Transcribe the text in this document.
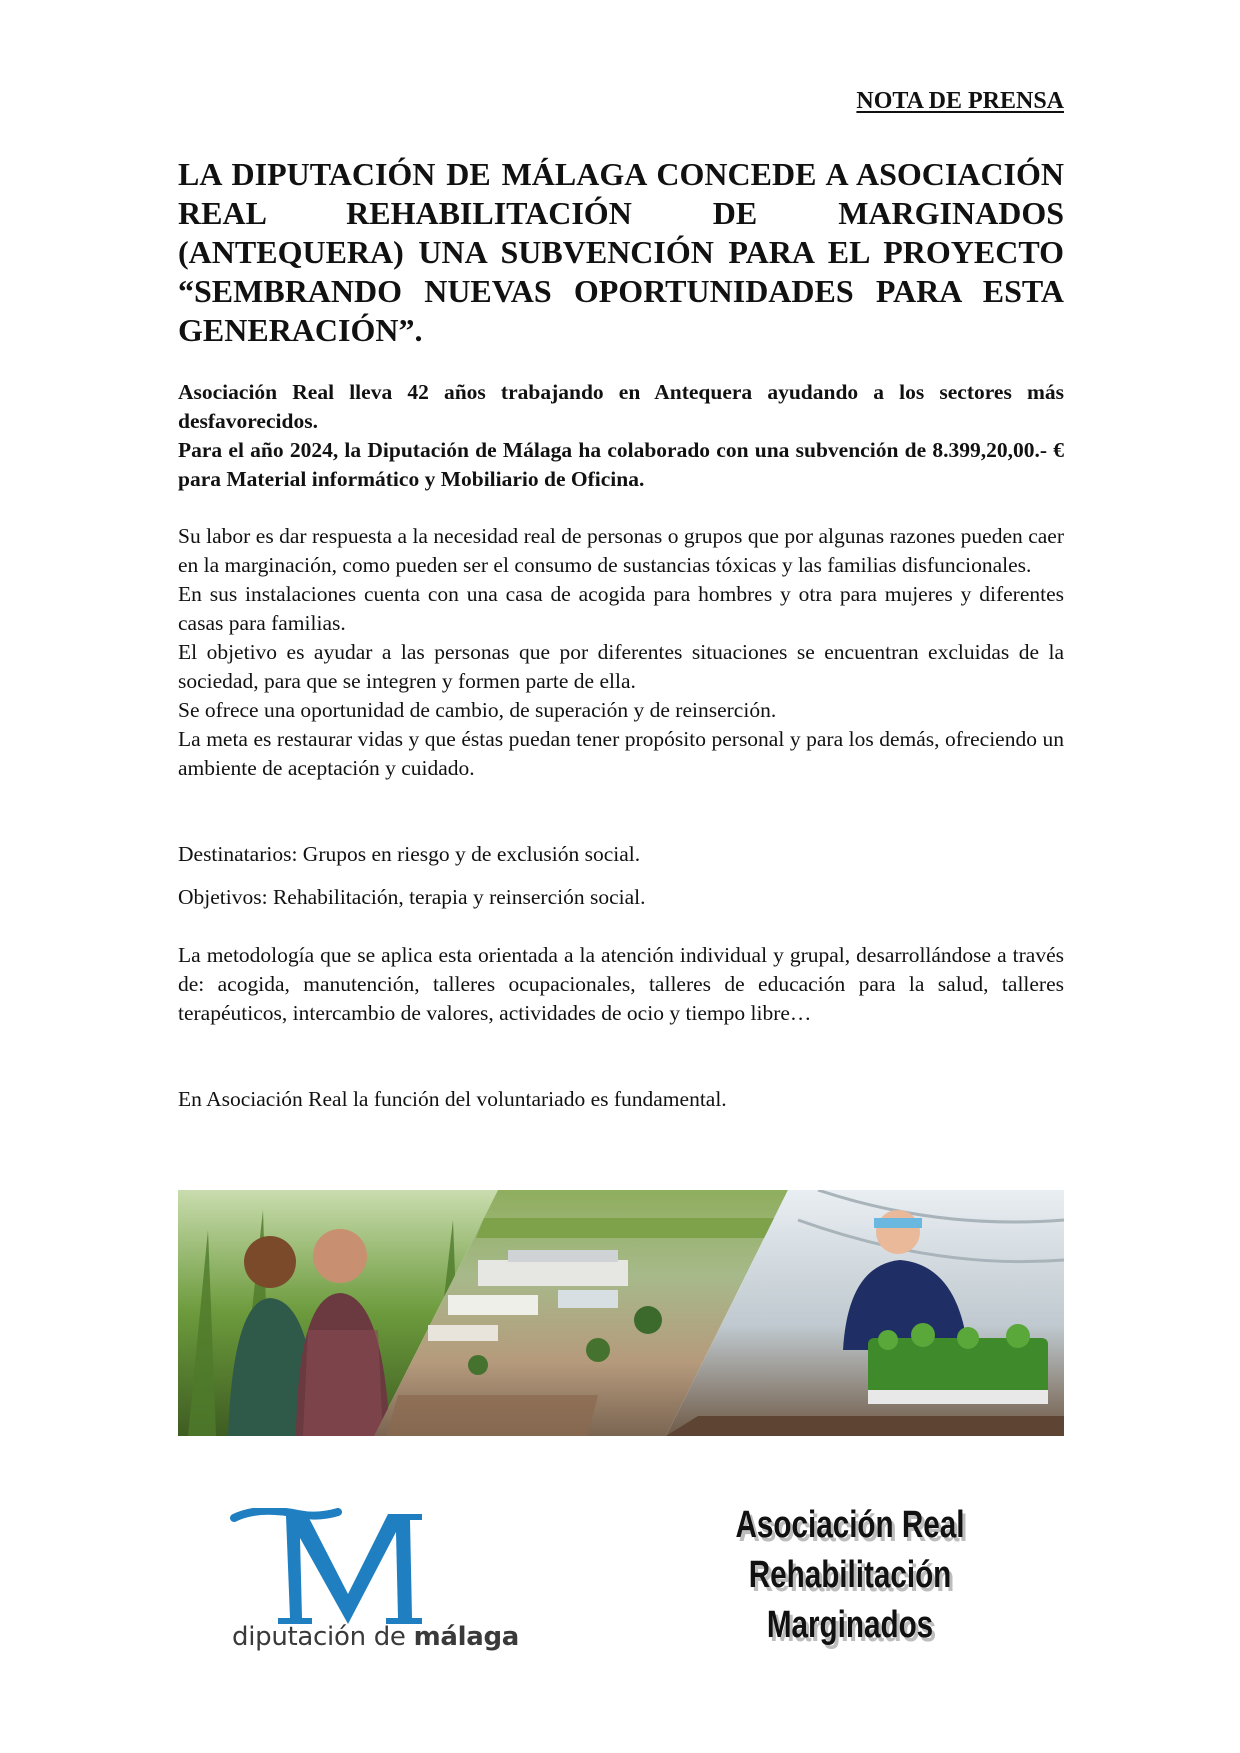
NOTA DE PRENSA
LA DIPUTACIÓN DE MÁLAGA CONCEDE A ASOCIACIÓN REAL REHABILITACIÓN DE MARGINADOS (ANTEQUERA) UNA SUBVENCIÓN PARA EL PROYECTO “SEMBRANDO NUEVAS OPORTUNIDADES PARA ESTA GENERACIÓN”.

Asociación Real lleva 42 años trabajando en Antequera ayudando a los sectores más desfavorecidos.

Para el año 2024, la Diputación de Málaga ha colaborado con una subvención de 8.399,20,00.- € para Material informático y Mobiliario de Oficina.

Su labor es dar respuesta a la necesidad real de personas o grupos que por algunas razones pueden caer en la marginación, como pueden ser el consumo de sustancias tóxicas y las familias disfuncionales.

En sus instalaciones cuenta con una casa de acogida para hombres y otra para mujeres y diferentes casas para familias.

El objetivo es ayudar a las personas que por diferentes situaciones se encuentran excluidas de la sociedad, para que se integren y formen parte de ella.

Se ofrece una oportunidad de cambio, de superación y de reinserción.

La meta es restaurar vidas y que éstas puedan tener propósito personal y para los demás, ofreciendo un ambiente de aceptación y cuidado.

Destinatarios: Grupos en riesgo y de exclusión social.
Objetivos: Rehabilitación, terapia y reinserción social.
La metodología que se aplica esta orientada a la atención individual y grupal, desarrollándose a través de: acogida, manutención, talleres ocupacionales, talleres de educación para la salud, talleres terapéuticos, intercambio de valores, actividades de ocio y tiempo libre…
En Asociación Real la función del voluntariado es fundamental.
diputación de málaga
Asociación Real
Rehabilitación
Marginados
